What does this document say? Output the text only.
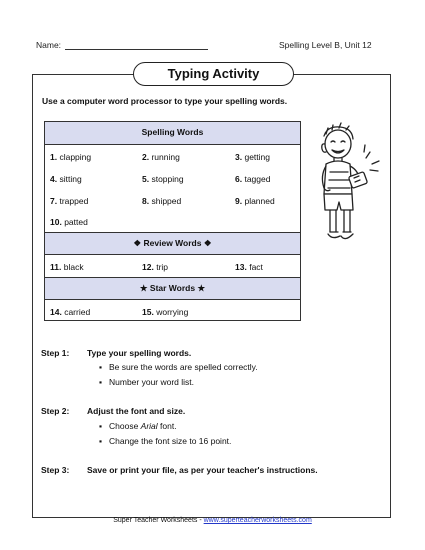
Name:	Spelling Level B, Unit 12
Typing Activity
Use a computer word processor to type your spelling words.
Spelling Words
1. clapping	2. running	3. getting
4. sitting	5. stopping	6. tagged
7. trapped	8. shipped	9. planned
10. patted
❖ Review Words ❖
11. black	12. trip	13. fact
★ Star Words ★
14. carried	15. worrying
Step 1: Type your spelling words.
▪ Be sure the words are spelled correctly.
▪ Number your word list.
Step 2: Adjust the font and size.
▪ Choose Arial font.
▪ Change the font size to 16 point.
Step 3: Save or print your file, as per your teacher's instructions.
Super Teacher Worksheets - www.superteacherworksheets.com
